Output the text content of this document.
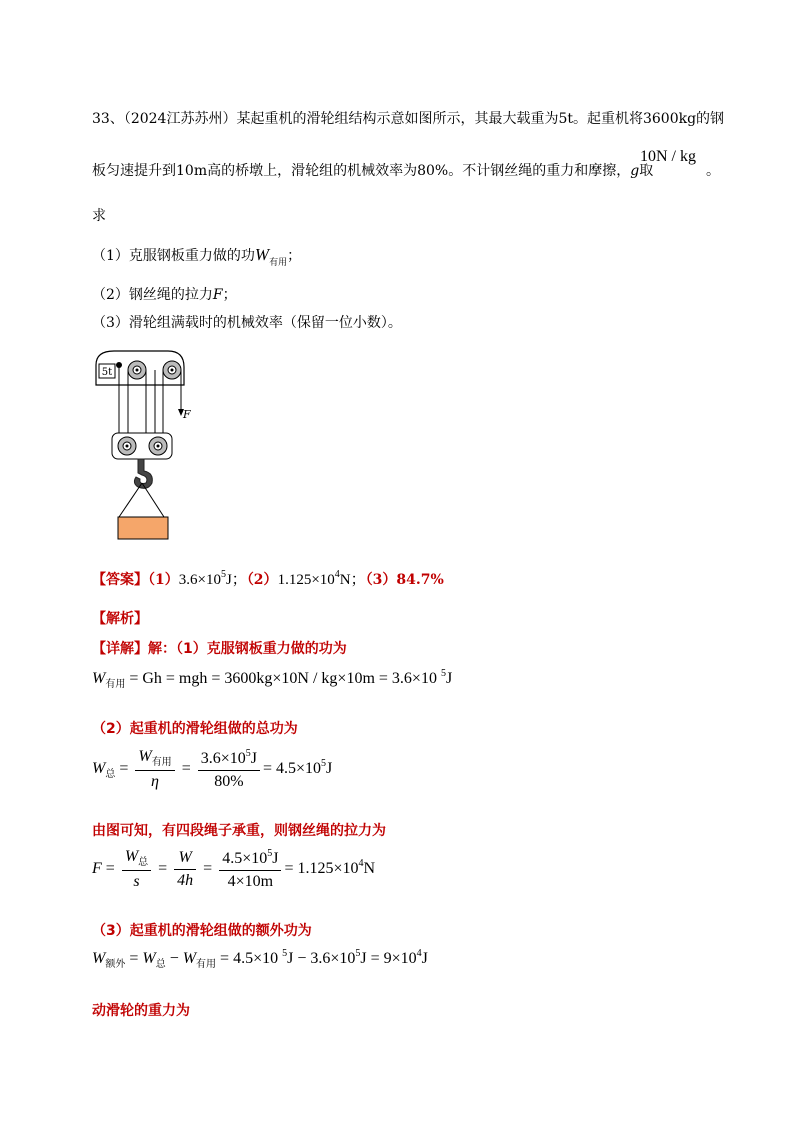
33、（2024江苏苏州）某起重机的滑轮组结构示意如图所示，其最大载重为5t。起重机将3600kg的钢
板匀速提升到10m高的桥墩上，滑轮组的机械效率为80%。不计钢丝绳的重力和摩擦，g取
10N / kg
。
求
（1）克服钢板重力做的功$W_{有用}$；
（2）钢丝绳的拉力F；
（3）滑轮组满载时的机械效率（保留一位小数）。
5t
F
【答案】$(1)3.6\times 10^5J$；$(2)1.125\times 10^4N$；（3）84.7%
【解析】
【详解】解：（1）克服钢板重力做的功为
$W_{有用} = Gh$ = mgh = 3600kg×10N / kg×10m = 3.6×10 $^5$J
（2）起重机的滑轮组做的总功为
$W_总 = \frac{W_{有用}}{\eta} = \frac{3.6\times 10^5J}{80\%} = 4.5\times 10^5J$
由图可知，有四段绳子承重，则钢丝绳的拉力为
$F = \frac{W_总}{s} = \frac{W}{4h} = \frac{4.5\times 10^5J}{4\times 10m} = 1.125\times 10^4N$
（3）起重机的滑轮组做的额外功为
$W_{额外} = W_总 - W_{有用} = 4.5\times 10$ $^5J - 3.6\times 10^5J = 9\times 10^4J$
动滑轮的重力为
